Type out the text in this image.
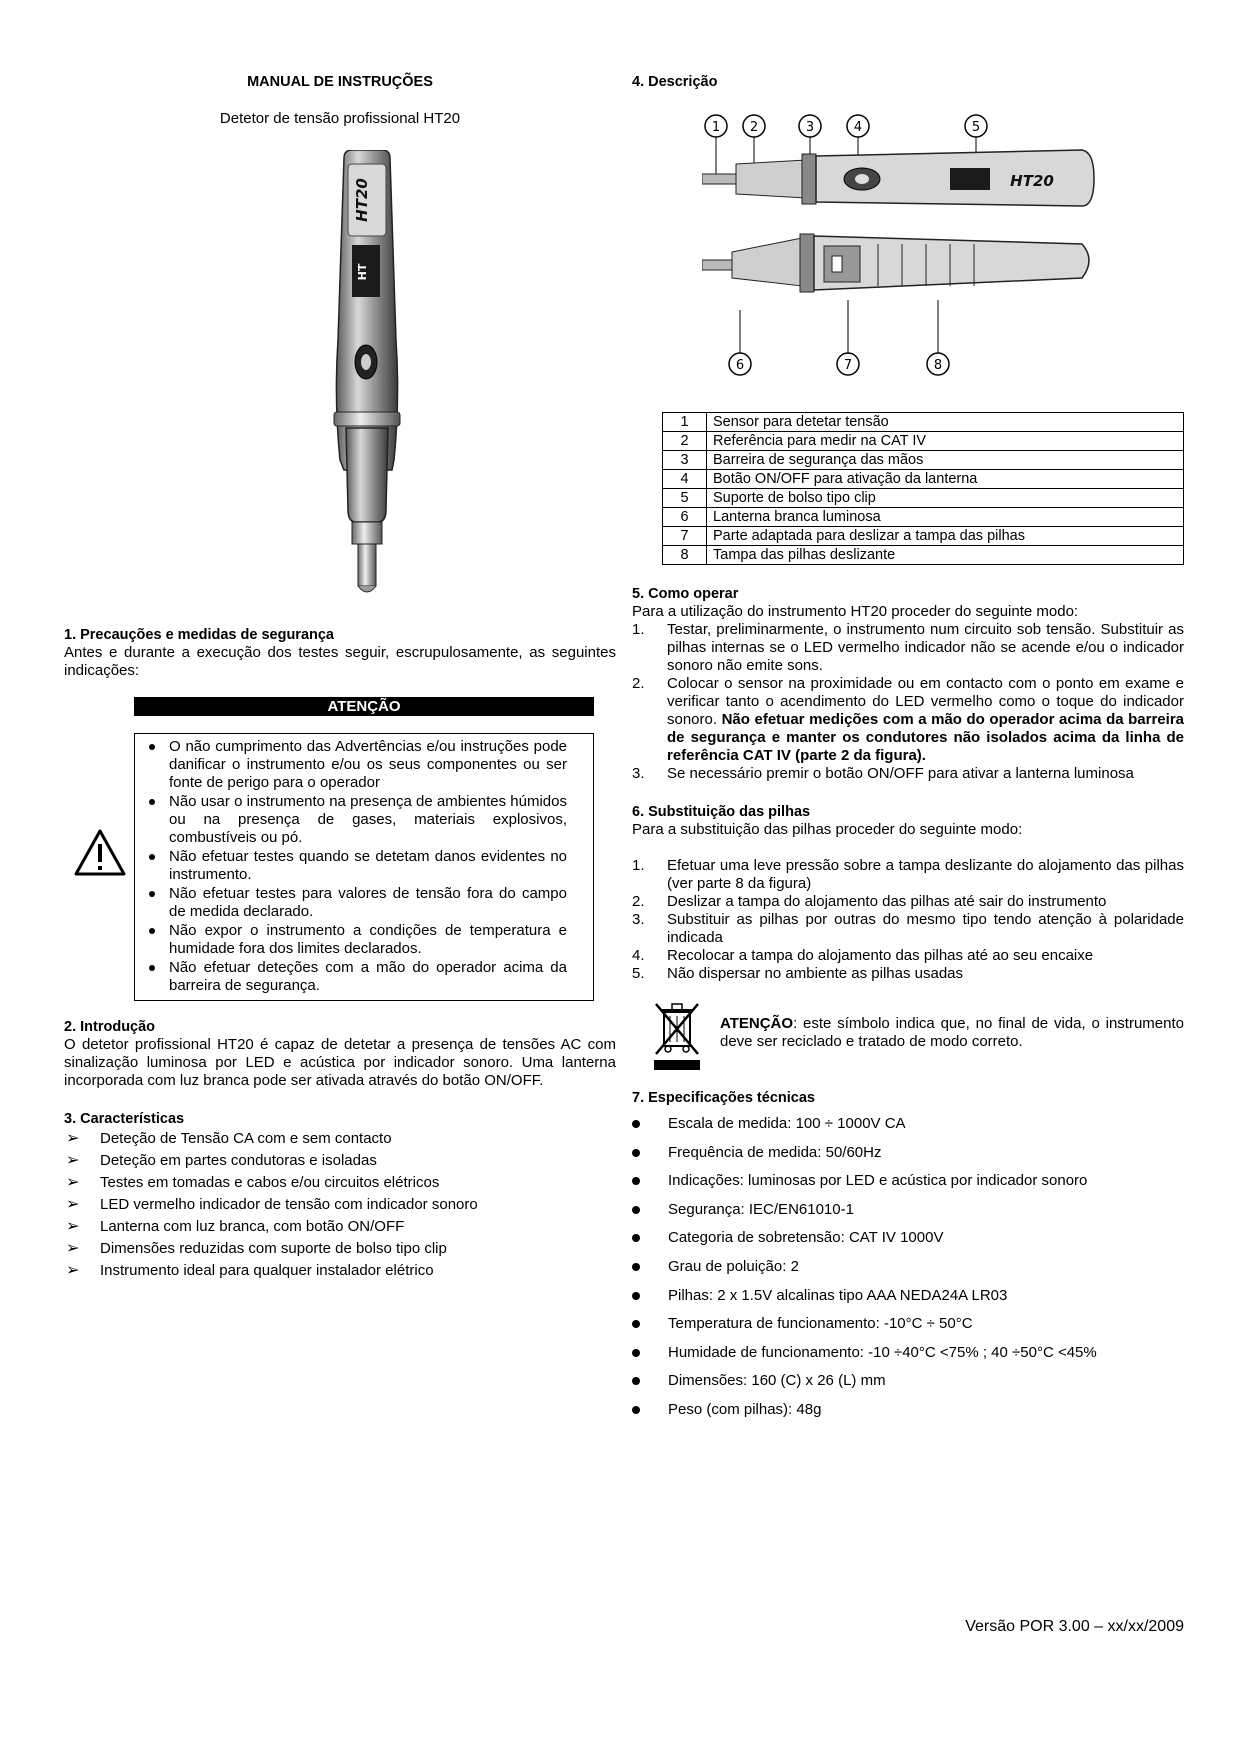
MANUAL DE INSTRUÇÕES
Detetor de tensão profissional HT20
HT20
HT

1. Precauções e medidas de segurança

Antes e durante a execução dos testes seguir, escrupulosamente, as seguintes indicações:

ATENÇÃO
O não cumprimento das Advertências e/ou instruções pode danificar o instrumento e/ou os seus componentes ou ser fonte de perigo para o operador
Não usar o instrumento na presença de ambientes húmidos ou na presença de gases, materiais explosivos, combustíveis ou pó.
Não efetuar testes quando se detetam danos evidentes no instrumento.
Não efetuar testes para valores de tensão fora do campo de medida declarado.
Não expor o instrumento a condições de temperatura e humidade fora dos limites declarados.
Não efetuar deteções com a mão do operador acima da barreira de segurança.

2. Introdução

O detetor profissional HT20 é capaz de detetar a presença de tensões AC com sinalização luminosa por LED e acústica por indicador sonoro. Uma lanterna incorporada com luz branca pode ser ativada através do botão ON/OFF.

3. Características

➢ Deteção de Tensão CA com e sem contacto
➢ Deteção em partes condutoras e isoladas
➢ Testes em tomadas e cabos e/ou circuitos elétricos
➢ LED vermelho indicador de tensão com indicador sonoro
➢ Lanterna com luz branca, com botão ON/OFF
➢ Dimensões reduzidas com suporte de bolso tipo clip
➢ Instrumento ideal para qualquer instalador elétrico
4. Descrição
1 2	3	4	5
6	7	8
HT20
1	Sensor para detetar tensão
2	Referência para medir na CAT IV
3	Barreira de segurança das mãos
4	Botão ON/OFF para ativação da lanterna
5	Suporte de bolso tipo clip
6	Lanterna branca luminosa
7	Parte adaptada para deslizar a tampa das pilhas
8	Tampa das pilhas deslizante

5. Como operar

Para a utilização do instrumento HT20 proceder do seguinte modo:

1. Testar, preliminarmente, o instrumento num circuito sob tensão. Substituir as pilhas internas se o LED vermelho indicador não se acende e/ou o indicador sonoro não emite sons.
2. Colocar o sensor na proximidade ou em contacto com o ponto em exame e verificar tanto o acendimento do LED vermelho como o toque do indicador sonoro. Não efetuar medições com a mão do operador acima da barreira de segurança e manter os condutores não isolados acima da linha de referência CAT IV (parte 2 da figura).
3. Se necessário premir o botão ON/OFF para ativar a lanterna luminosa

6. Substituição das pilhas

Para a substituição das pilhas proceder do seguinte modo:

1. Efetuar uma leve pressão sobre a tampa deslizante do alojamento das pilhas (ver parte 8 da figura)
2. Deslizar a tampa do alojamento das pilhas até sair do instrumento
3. Substituir as pilhas por outras do mesmo tipo tendo atenção à polaridade indicada
4. Recolocar a tampa do alojamento das pilhas até ao seu encaixe
5. Não dispersar no ambiente as pilhas usadas

ATENÇÃO: este símbolo indica que, no final de vida, o instrumento deve ser reciclado e tratado de modo correto.

7. Especificações técnicas

Escala de medida: 100 ÷ 1000V CA
Frequência de medida: 50/60Hz
Indicações: luminosas por LED e acústica por indicador sonoro
Segurança: IEC/EN61010-1
Categoria de sobretensão: CAT IV 1000V
Grau de poluição: 2
Pilhas: 2 x 1.5V alcalinas tipo AAA NEDA24A LR03
Temperatura de funcionamento: -10°C ÷ 50°C
Humidade de funcionamento: -10 ÷40°C <75% ; 40 ÷50°C <45%
Dimensões: 160 (C) x 26 (L) mm
Peso (com pilhas): 48g
Versão POR 3.00 – xx/xx/2009
